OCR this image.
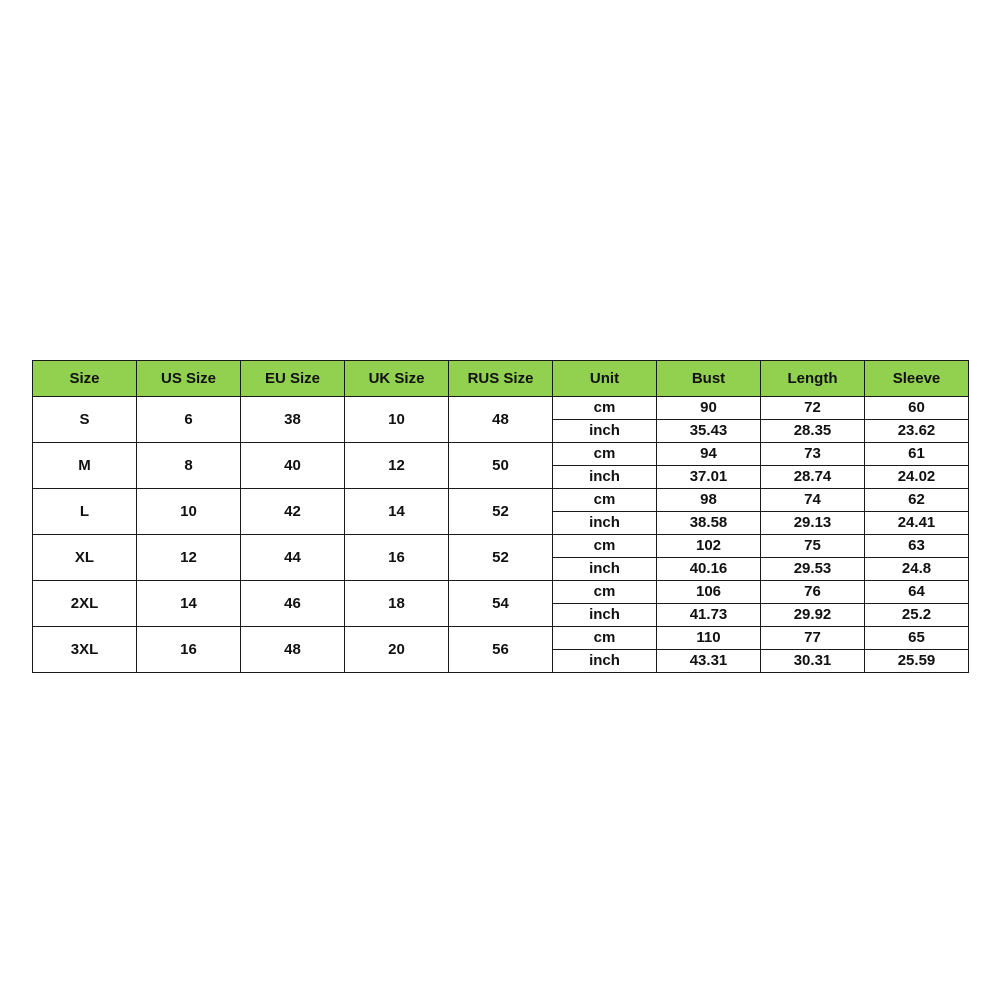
Size	US Size	EU Size	UK Size	RUS Size	Unit	Bust	Length	Sleeve
S	6	38	10	48	cm	90	72	60
					inch	35.43	28.35	23.62
M	8	40	12	50	cm	94	73	61
					inch	37.01	28.74	24.02
L	10	42	14	52	cm	98	74	62
					inch	38.58	29.13	24.41
XL	12	44	16	52	cm	102	75	63
					inch	40.16	29.53	24.8
2XL	14	46	18	54	cm	106	76	64
					inch	41.73	29.92	25.2
3XL	16	48	20	56	cm	110	77	65
					inch	43.31	30.31	25.59
